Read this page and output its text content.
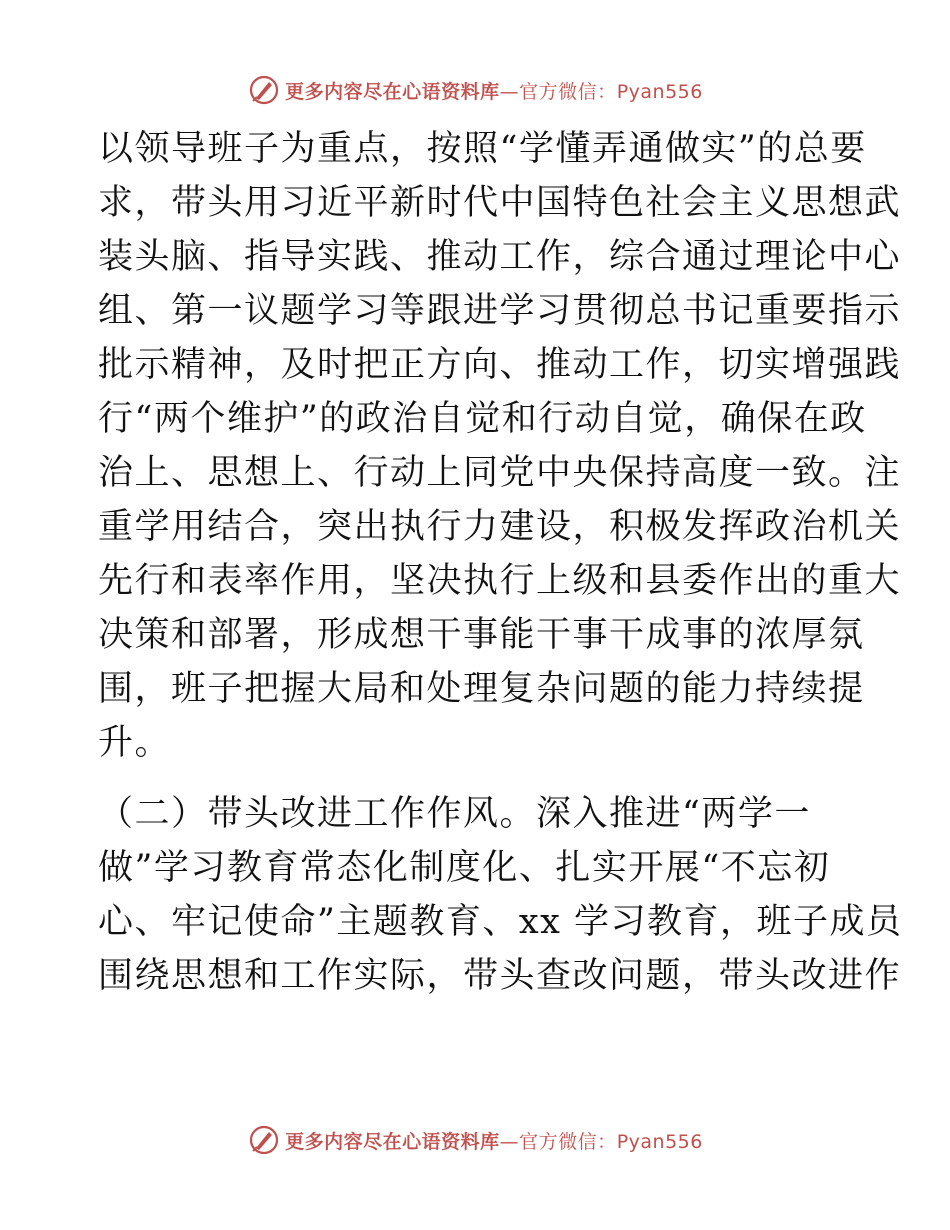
更多内容尽在心语资料库—官方微信：Pyan556
以领导班子为重点，按照“学懂弄通做实”的总要
求，带头用习近平新时代中国特色社会主义思想武
装头脑、指导实践、推动工作，综合通过理论中心
组、第一议题学习等跟进学习贯彻总书记重要指示
批示精神，及时把正方向、推动工作，切实增强践
行“两个维护”的政治自觉和行动自觉，确保在政
治上、思想上、行动上同党中央保持高度一致。注
重学用结合，突出执行力建设，积极发挥政治机关
先行和表率作用，坚决执行上级和县委作出的重大
决策和部署，形成想干事能干事干成事的浓厚氛
围，班子把握大局和处理复杂问题的能力持续提
升。
（二）带头改进工作作风。深入推进“两学一
做”学习教育常态化制度化、扎实开展“不忘初
心、牢记使命”主题教育、xx 学习教育，班子成员
围绕思想和工作实际，带头查改问题，带头改进作
更多内容尽在心语资料库—官方微信：Pyan556
